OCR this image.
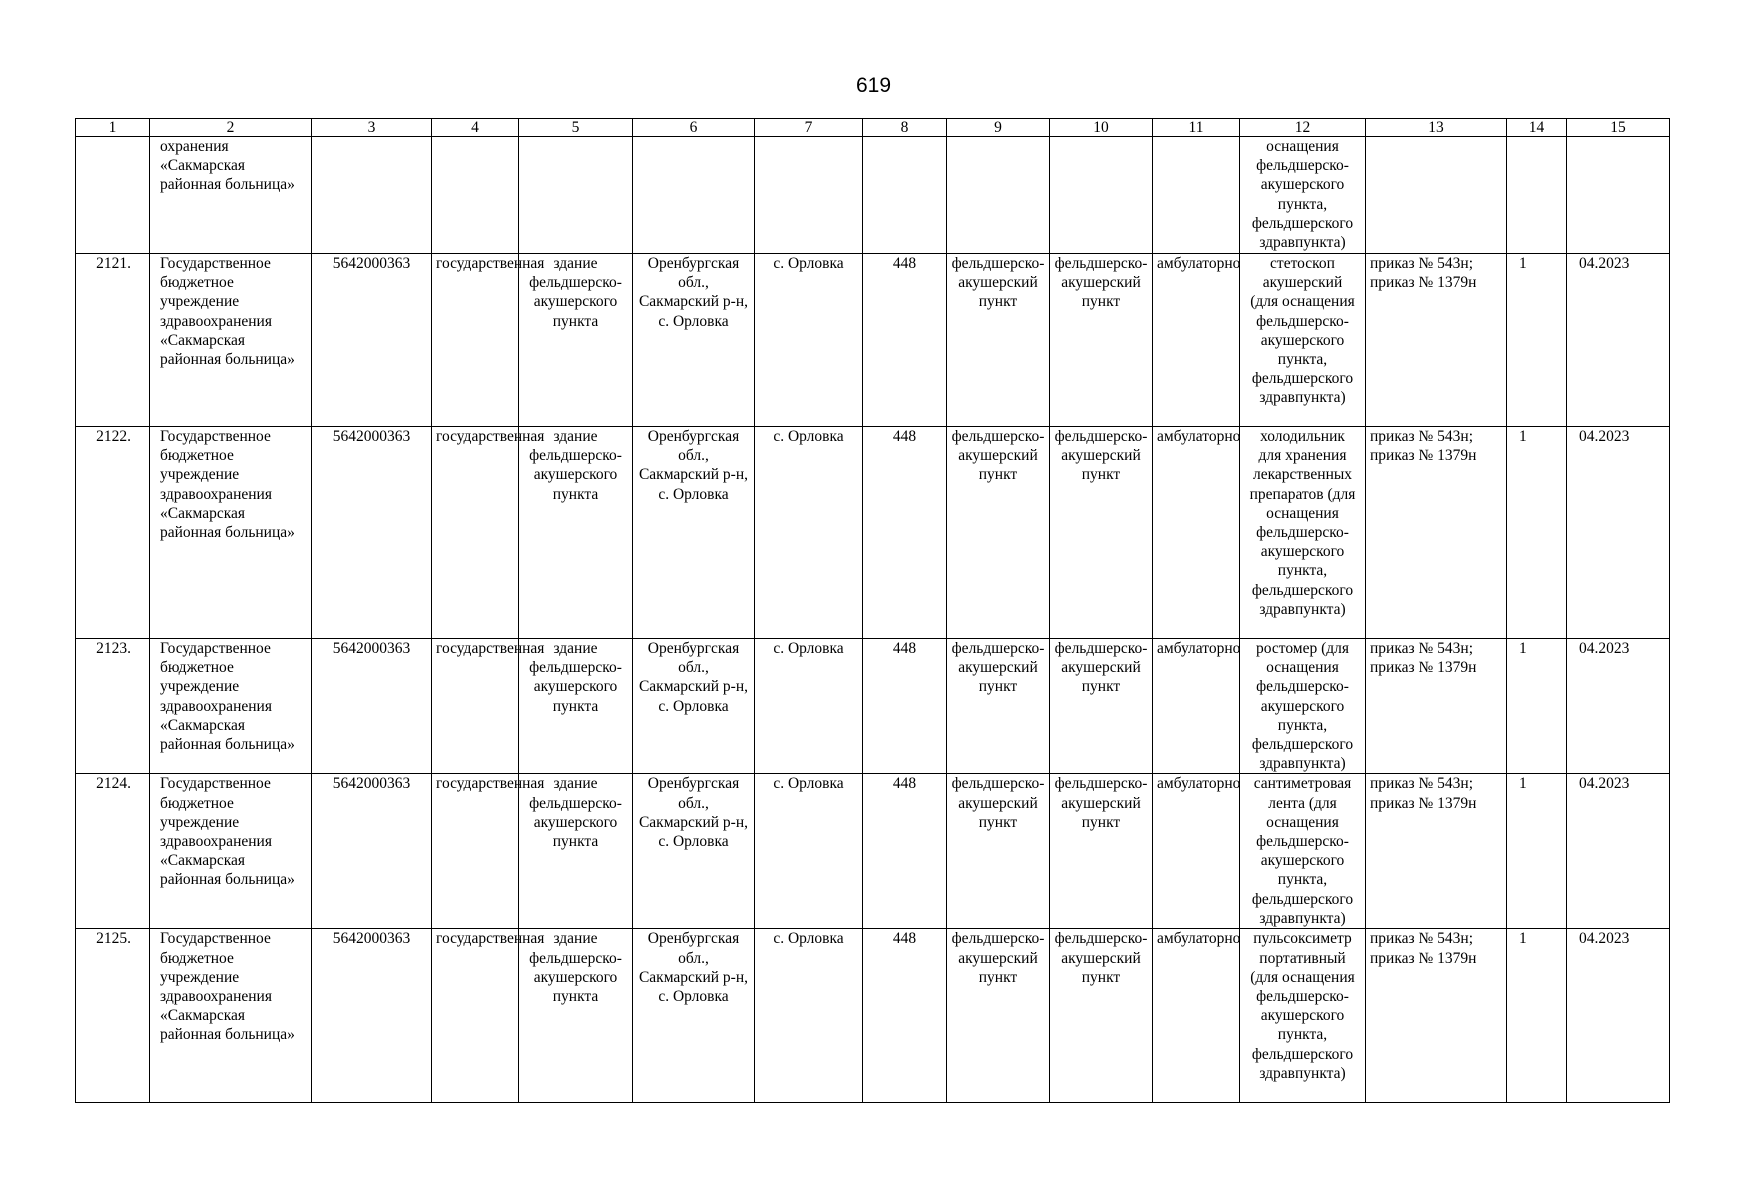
619
1	2	3	4	5	6	7	8	9	10	11	12	13	14	15
	охранения «Сакмарская районная больница»										оснащения фельдшерско-акушерского пункта, фельдшерского здравпункта)			
2121.	Государственное бюджетное учреждение здравоохранения «Сакмарская районная больница»	5642000363	государственная	здание фельдшерско-акушерского пункта	Оренбургская обл., Сакмарский р-н, с. Орловка	с. Орловка	448	фельдшерско-акушерский пункт	фельдшерско-акушерский пункт	амбулаторно	стетоскоп акушерский (для оснащения фельдшерско-акушерского пункта, фельдшерского здравпункта)	приказ № 543н; приказ № 1379н	1	04.2023
2122.	Государственное бюджетное учреждение здравоохранения «Сакмарская районная больница»	5642000363	государственная	здание фельдшерско-акушерского пункта	Оренбургская обл., Сакмарский р-н, с. Орловка	с. Орловка	448	фельдшерско-акушерский пункт	фельдшерско-акушерский пункт	амбулаторно	холодильник для хранения лекарственных препаратов (для оснащения фельдшерско-акушерского пункта, фельдшерского здравпункта)	приказ № 543н; приказ № 1379н	1	04.2023
2123.	Государственное бюджетное учреждение здравоохранения «Сакмарская районная больница»	5642000363	государственная	здание фельдшерско-акушерского пункта	Оренбургская обл., Сакмарский р-н, с. Орловка	с. Орловка	448	фельдшерско-акушерский пункт	фельдшерско-акушерский пункт	амбулаторно	ростомер (для оснащения фельдшерско-акушерского пункта, фельдшерского здравпункта)	приказ № 543н; приказ № 1379н	1	04.2023
2124.	Государственное бюджетное учреждение здравоохранения «Сакмарская районная больница»	5642000363	государственная	здание фельдшерско-акушерского пункта	Оренбургская обл., Сакмарский р-н, с. Орловка	с. Орловка	448	фельдшерско-акушерский пункт	фельдшерско-акушерский пункт	амбулаторно	сантиметровая лента (для оснащения фельдшерско-акушерского пункта, фельдшерского здравпункта)	приказ № 543н; приказ № 1379н	1	04.2023
2125.	Государственное бюджетное учреждение здравоохранения «Сакмарская районная больница»	5642000363	государственная	здание фельдшерско-акушерского пункта	Оренбургская обл., Сакмарский р-н, с. Орловка	с. Орловка	448	фельдшерско-акушерский пункт	фельдшерско-акушерский пункт	амбулаторно	пульсоксиметр портативный (для оснащения фельдшерско-акушерского пункта, фельдшерского здравпункта)	приказ № 543н; приказ № 1379н	1	04.2023
